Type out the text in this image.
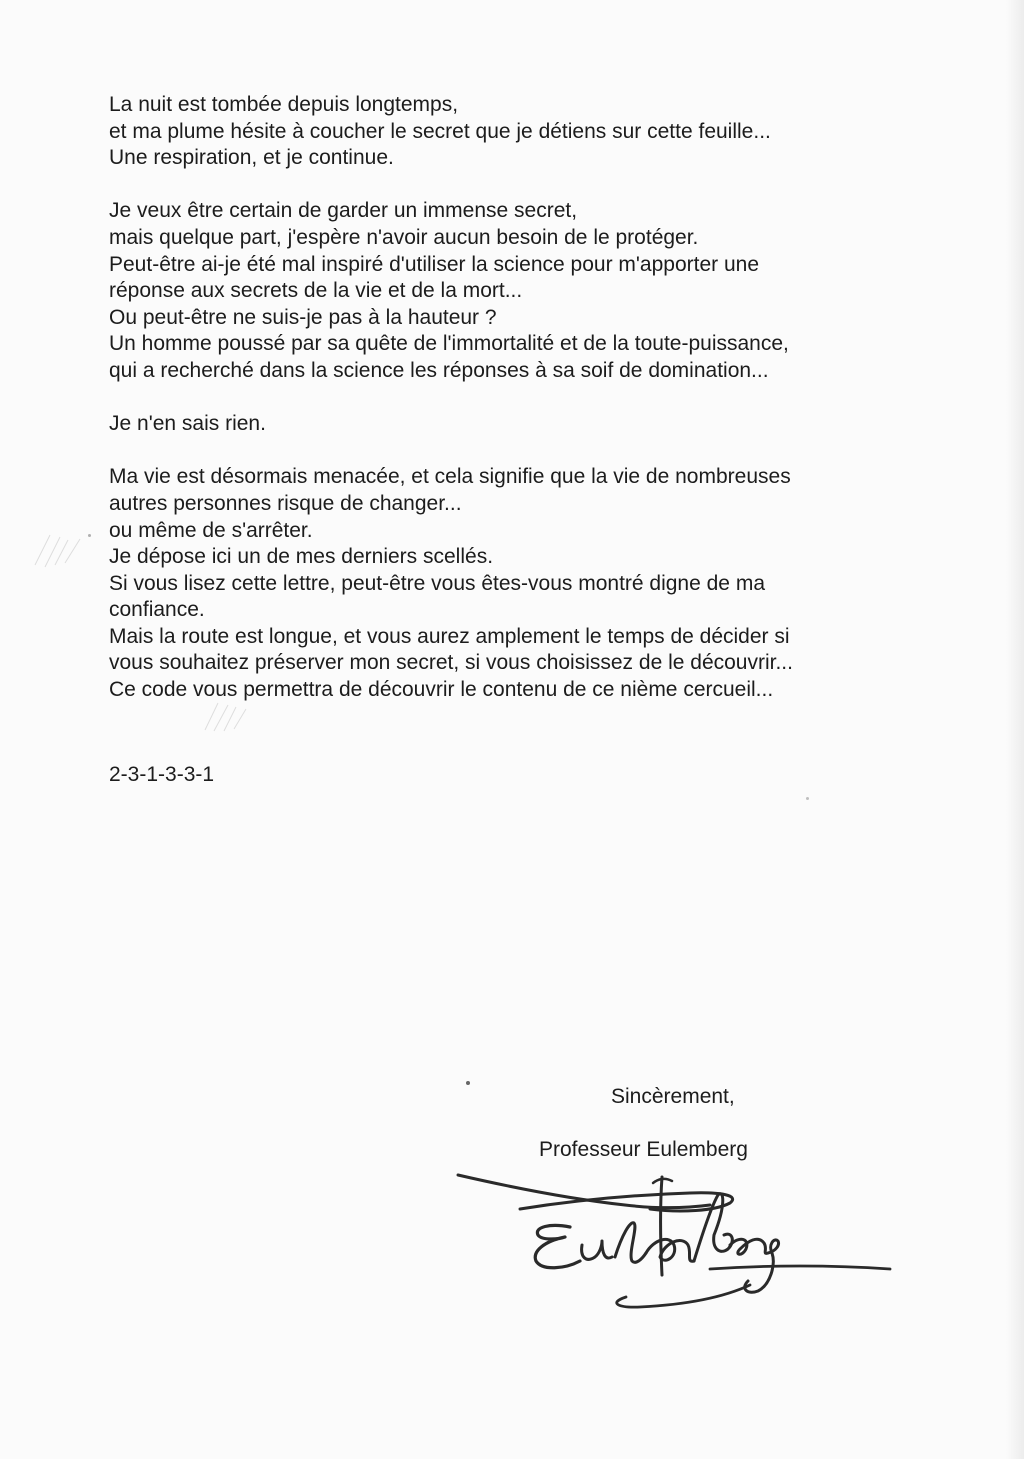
La nuit est tombée depuis longtemps,
et ma plume hésite à coucher le secret que je détiens sur cette feuille...
Une respiration, et je continue.
Je veux être certain de garder un immense secret,
mais quelque part, j'espère n'avoir aucun besoin de le protéger.
Peut-être ai-je été mal inspiré d'utiliser la science pour m'apporter une
réponse aux secrets de la vie et de la mort...
Ou peut-être ne suis-je pas à la hauteur ?
Un homme poussé par sa quête de l'immortalité et de la toute-puissance,
qui a recherché dans la science les réponses à sa soif de domination...
Je n'en sais rien.
Ma vie est désormais menacée, et cela signifie que la vie de nombreuses
autres personnes risque de changer...
ou même de s'arrêter.
Je dépose ici un de mes derniers scellés.
Si vous lisez cette lettre, peut-être vous êtes-vous montré digne de ma
confiance.
Mais la route est longue, et vous aurez amplement le temps de décider si
vous souhaitez préserver mon secret, si vous choisissez de le découvrir...
Ce code vous permettra de découvrir le contenu de ce nième cercueil...
2-3-1-3-3-1
Sincèrement,
Professeur Eulemberg
